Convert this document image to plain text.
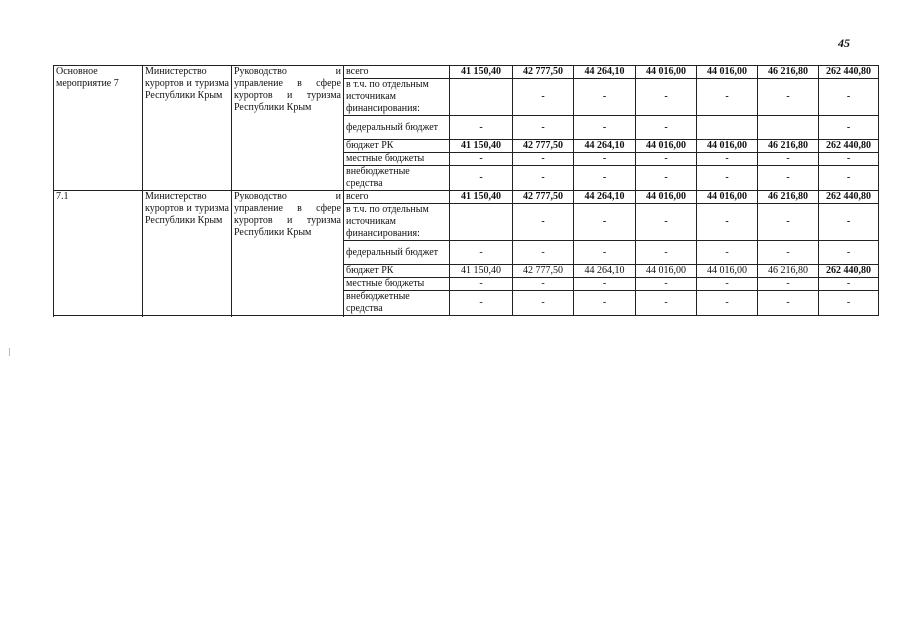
45
Основное мероприятие 7	Министерство курортов и туризма Республики Крым	Руководство и управление в сфере курортов и туризма Республики Крым	всего	41 150,40	42 777,50	44 264,10	44 016,00	44 016,00	46 216,80	262 440,80
			в т.ч. по отдельным источникам финансирования:		-	-	-	-	-	-
			федеральный бюджет	-	-	-	-			-
			бюджет РК	41 150,40	42 777,50	44 264,10	44 016,00	44 016,00	46 216,80	262 440,80
			местные бюджеты	-	-	-	-	-	-	-
			внебюджетные средства	-	-	-	-	-	-	-

7.1	Министерство курортов и туризма Республики Крым	Руководство и управление в сфере курортов и туризма Республики Крым	всего	41 150,40	42 777,50	44 264,10	44 016,00	44 016,00	46 216,80	262 440,80
			в т.ч. по отдельным источникам финансирования:		-	-	-	-	-	-
			федеральный бюджет	-	-	-	-	-	-	-
			бюджет РК	41 150,40	42 777,50	44 264,10	44 016,00	44 016,00	46 216,80	262 440,80
			местные бюджеты	-	-	-	-	-	-	-
			внебюджетные средства	-	-	-	-	-	-	-
